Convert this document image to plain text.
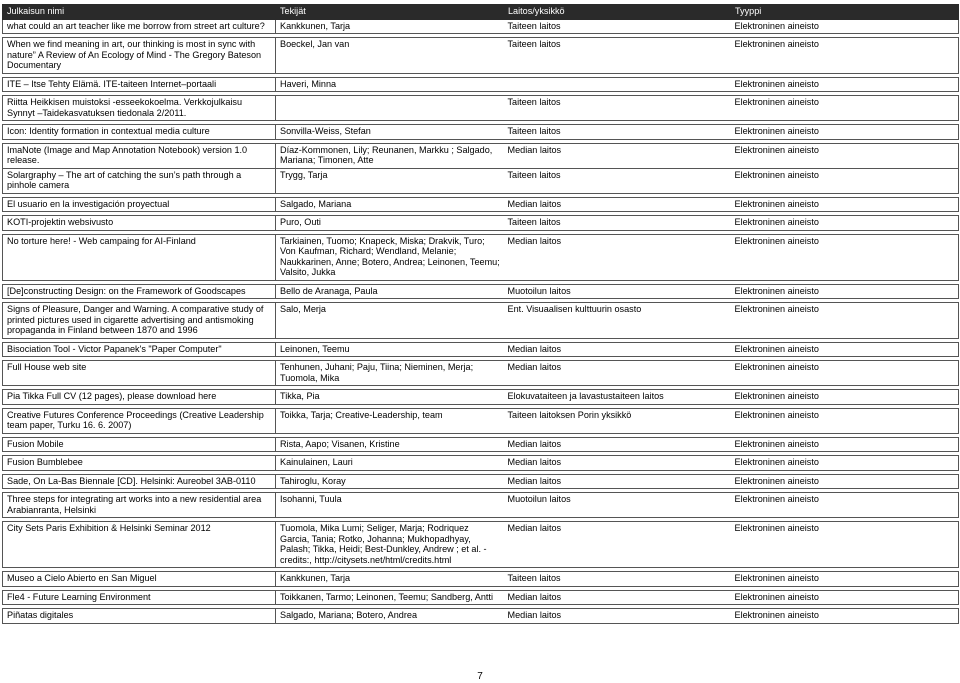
Julkaisun nimi	Tekijät	Laitos/yksikkö	Tyyppi
what could an art teacher like me borrow from street art culture?	Kankkunen, Tarja	Taiteen laitos	Elektroninen aineisto

When we find meaning in art, our thinking is most in sync with nature” A Review of An Ecology of Mind - The Gregory Bateson Documentary	Boeckel, Jan van	Taiteen laitos	Elektroninen aineisto

ITE – Itse Tehty Elämä. ITE-taiteen Internet–portaali	Haveri, Minna		Elektroninen aineisto

Riitta Heikkisen muistoksi -esseekokoelma. Verkkojulkaisu Synnyt –Taidekasvatuksen tiedonala 2/2011.		Taiteen laitos	Elektroninen aineisto

Icon: Identity formation in contextual media culture	Sonvilla-Weiss, Stefan	Taiteen laitos	Elektroninen aineisto

ImaNote (Image and Map Annotation Notebook) version 1.0 release.	Díaz-Kommonen, Lily; Reunanen, Markku ; Salgado, Mariana; Timonen, Atte	Median laitos	Elektroninen aineisto
Solargraphy – The art of catching the sun’s path through a pinhole camera	Trygg, Tarja	Taiteen laitos	Elektroninen aineisto

El usuario en la investigación proyectual	Salgado, Mariana	Median laitos	Elektroninen aineisto

KOTI-projektin websivusto	Puro, Outi	Taiteen laitos	Elektroninen aineisto

No torture here! - Web campaing for AI-Finland	Tarkiainen, Tuomo; Knapeck, Miska; Drakvik, Turo; Von Kaufman, Richard; Wendland, Melanie; Naukkarinen, Anne; Botero, Andrea; Leinonen, Teemu; Valsito, Jukka	Median laitos	Elektroninen aineisto

[De]constructing Design: on the Framework of Goodscapes	Bello de Aranaga, Paula	Muotoilun laitos	Elektroninen aineisto

Signs of Pleasure, Danger and Warning. A comparative study of printed pictures used in cigarette advertising and antismoking propaganda in Finland between 1870 and 1996	Salo, Merja	Ent. Visuaalisen kulttuurin osasto	Elektroninen aineisto

Bisociation Tool - Victor Papanek's "Paper Computer"	Leinonen, Teemu	Median laitos	Elektroninen aineisto

Full House web site	Tenhunen, Juhani; Paju, Tiina; Nieminen, Merja; Tuomola, Mika	Median laitos	Elektroninen aineisto

Pia Tikka Full CV (12 pages), please download here	Tikka, Pia	Elokuvataiteen ja lavastustaiteen laitos	Elektroninen aineisto

Creative Futures Conference Proceedings (Creative Leadership team paper, Turku 16. 6. 2007)	Toikka, Tarja; Creative-Leadership, team	Taiteen laitoksen Porin yksikkö	Elektroninen aineisto

Fusion Mobile	Rista, Aapo; Visanen, Kristine	Median laitos	Elektroninen aineisto

Fusion Bumblebee	Kainulainen, Lauri	Median laitos	Elektroninen aineisto

Sade, On La-Bas Biennale [CD]. Helsinki: Aureobel 3AB-0110	Tahiroglu, Koray	Median laitos	Elektroninen aineisto

Three steps for integrating art works into a new residential area Arabianranta, Helsinki	Isohanni, Tuula	Muotoilun laitos	Elektroninen aineisto

City Sets Paris Exhibition & Helsinki Seminar 2012	Tuomola, Mika Lumi; Seliger, Marja; Rodriquez Garcia, Tania; Rotko, Johanna; Mukhopadhyay, Palash; Tikka, Heidi; Best-Dunkley, Andrew ; et al. - credits:, http://citysets.net/html/credits.html	Median laitos	Elektroninen aineisto

Museo a Cielo Abierto en San Miguel	Kankkunen, Tarja	Taiteen laitos	Elektroninen aineisto

Fle4 - Future Learning Environment	Toikkanen, Tarmo; Leinonen, Teemu; Sandberg, Antti	Median laitos	Elektroninen aineisto

Piñatas digitales	Salgado, Mariana; Botero, Andrea	Median laitos	Elektroninen aineisto
7
